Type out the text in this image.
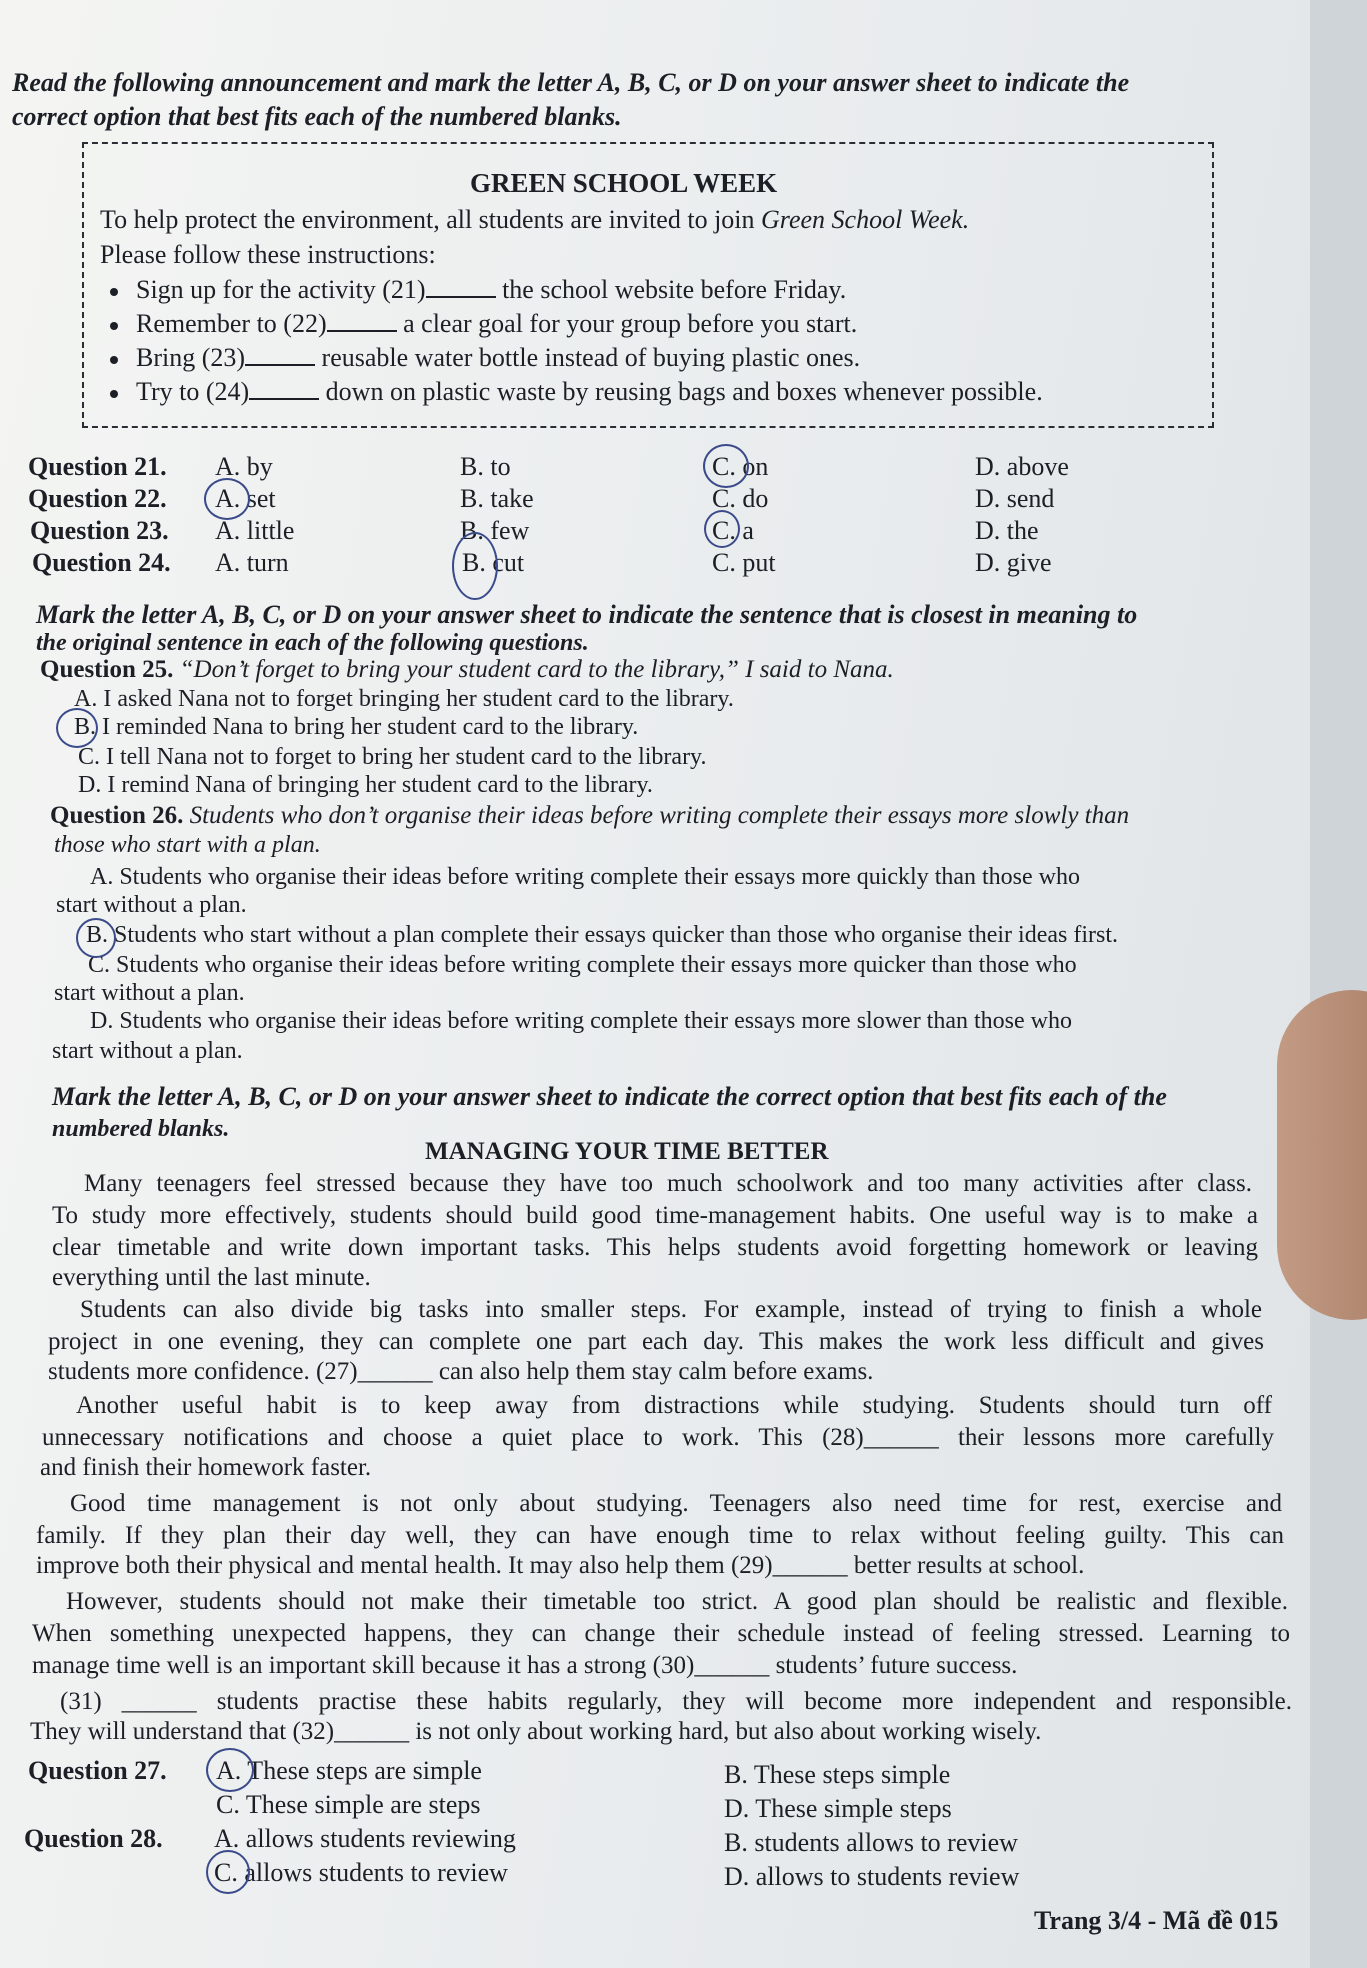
Read the following announcement and mark the letter A, B, C, or D on your answer sheet to indicate the
correct option that best fits each of the numbered blanks.
GREEN SCHOOL WEEK
To help protect the environment, all students are invited to join Green School Week.
Please follow these instructions:
Sign up for the activity (21)	the school website before Friday.
Remember to (22)	a clear goal for your group before you start.
Bring (23)	reusable water bottle instead of buying plastic ones.
Try to (24)	down on plastic waste by reusing bags and boxes whenever possible.
Question 21. A. by	B. to	C. on	D. above
Question 22. A. set	B. take	C. do	D. send
Question 23. A. little	B. few	C. a	D. the
Question 24. A. turn	B. cut	C. put	D. give
Mark the letter A, B, C, or D on your answer sheet to indicate the sentence that is closest in meaning to
the original sentence in each of the following questions.
Question 25. “Don’t forget to bring your student card to the library,” I said to Nana.
A. I asked Nana not to forget bringing her student card to the library.
B. I reminded Nana to bring her student card to the library.
C. I tell Nana not to forget to bring her student card to the library.
D. I remind Nana of bringing her student card to the library.
Question 26. Students who don’t organise their ideas before writing complete their essays more slowly than
those who start with a plan.
A. Students who organise their ideas before writing complete their essays more quickly than those who
start without a plan.
B. Students who start without a plan complete their essays quicker than those who organise their ideas first.
C. Students who organise their ideas before writing complete their essays more quicker than those who
start without a plan.
D. Students who organise their ideas before writing complete their essays more slower than those who
start without a plan.
Mark the letter A, B, C, or D on your answer sheet to indicate the correct option that best fits each of the
numbered blanks.
MANAGING YOUR TIME BETTER
Many teenagers feel stressed because they have too much schoolwork and too many activities after class.
To study more effectively, students should build good time-management habits. One useful way is to make a
clear timetable and write down important tasks. This helps students avoid forgetting homework or leaving
everything until the last minute.
Students can also divide big tasks into smaller steps. For example, instead of trying to finish a whole
project in one evening, they can complete one part each day. This makes the work less difficult and gives
students more confidence. (27)______ can also help them stay calm before exams.
Another useful habit is to keep away from distractions while studying. Students should turn off
unnecessary notifications and choose a quiet place to work. This (28)______ their lessons more carefully
and finish their homework faster.
Good time management is not only about studying. Teenagers also need time for rest, exercise and
family. If they plan their day well, they can have enough time to relax without feeling guilty. This can
improve both their physical and mental health. It may also help them (29)______ better results at school.
However, students should not make their timetable too strict. A good plan should be realistic and flexible.
When something unexpected happens, they can change their schedule instead of feeling stressed. Learning to
manage time well is an important skill because it has a strong (30)______ students’ future success.
(31) ______ students practise these habits regularly, they will become more independent and responsible.
They will understand that (32)______ is not only about working hard, but also about working wisely.
Question 27. A. These steps are simple	B. These steps simple
C. These simple are steps	D. These simple steps
Question 28. A. allows students reviewing	B. students allows to review
C. allows students to review	D. allows to students review
Trang 3/4 - Mã đề 015
